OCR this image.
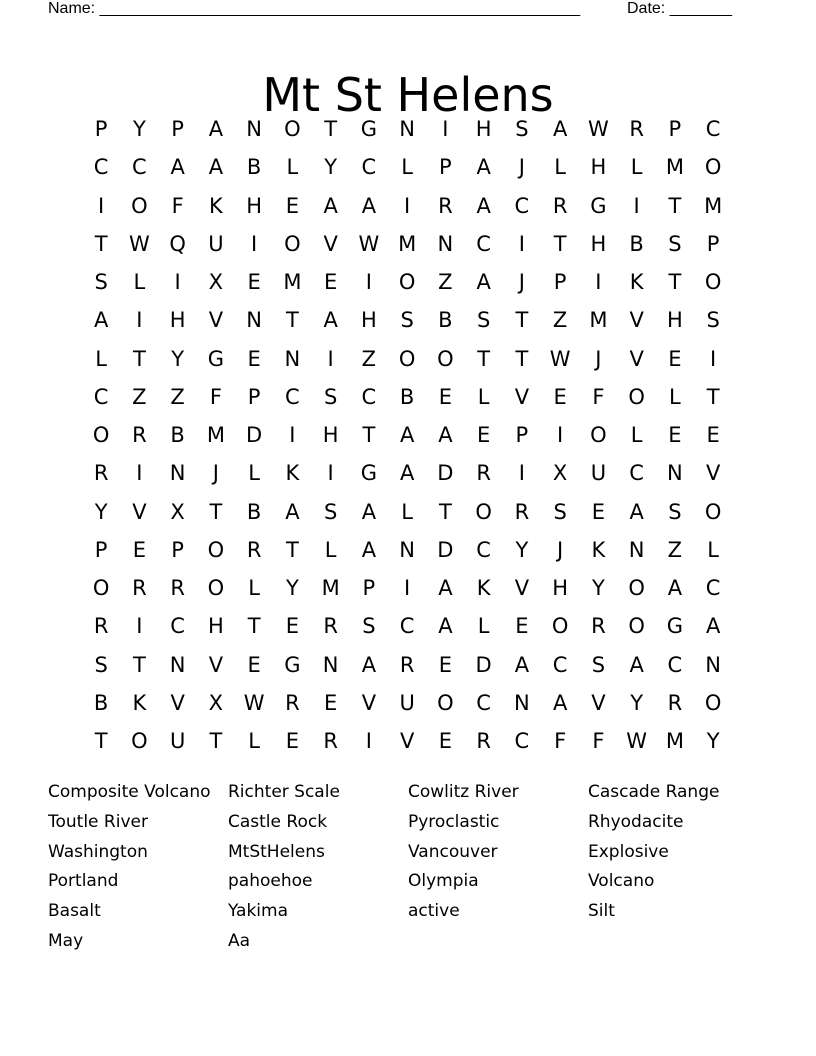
Name: ______________________________________________________	Date: _______
Mt St Helens
P	Y	P	A	N	O	T	G	N	I	H	S	A W R	P	C
C	C	A	A	B	L	Y	C	L	P	A	J	L	H	L	M O
I	O	F	K	H	E	A	A	I	R	A	C	R	G	I	T	M
T	W Q	U	I	O	V W M	N	C	I	T	H	B	S	P
S	L	I	X	E	M	E	I	O	Z	A	J	P	I	K	T	O
A	I	H	V	N	T	A	H	S	B	S	T	Z	M	V	H	S
L	T	Y	G	E	N	I	Z	O	O	T	T	W	J	V	E	I
C	Z	Z	F	P	C	S	C	B	E	L	V	E	F	O	L	T
O	R	B	M	D	I	H	T	A	A	E	P	I	O	L	E	E
R	I	N	J	L	K	I	G	A	D	R	I	X	U	C	N	V
Y	V	X	T	B	A	S	A	L	T	O	R	S	E	A	S	O
P	E	P	O	R	T	L	A	N	D	C	Y	J	K	N	Z	L
O	R	R	O	L	Y	M	P	I	A	K	V	H	Y	O	A	C
R	I	C	H	T	E	R	S	C	A	L	E	O	R	O	G	A
S	T	N	V	E	G	N	A	R	E	D	A	C	S	A	C	N
B	K	V	X W R	E	V	U	O	C	N	A	V	Y	R	O
T	O	U	T	L	E	R	I	V	E	R	C	F	F	W M	Y
Composite Volcano	Richter Scale	Cowlitz River	Cascade Range
Toutle River	Castle Rock	Pyroclastic	Rhyodacite
Washington	MtStHelens	Vancouver	Explosive
Portland	pahoehoe	Olympia	Volcano
Basalt	Yakima	active	Silt
May	Aa
